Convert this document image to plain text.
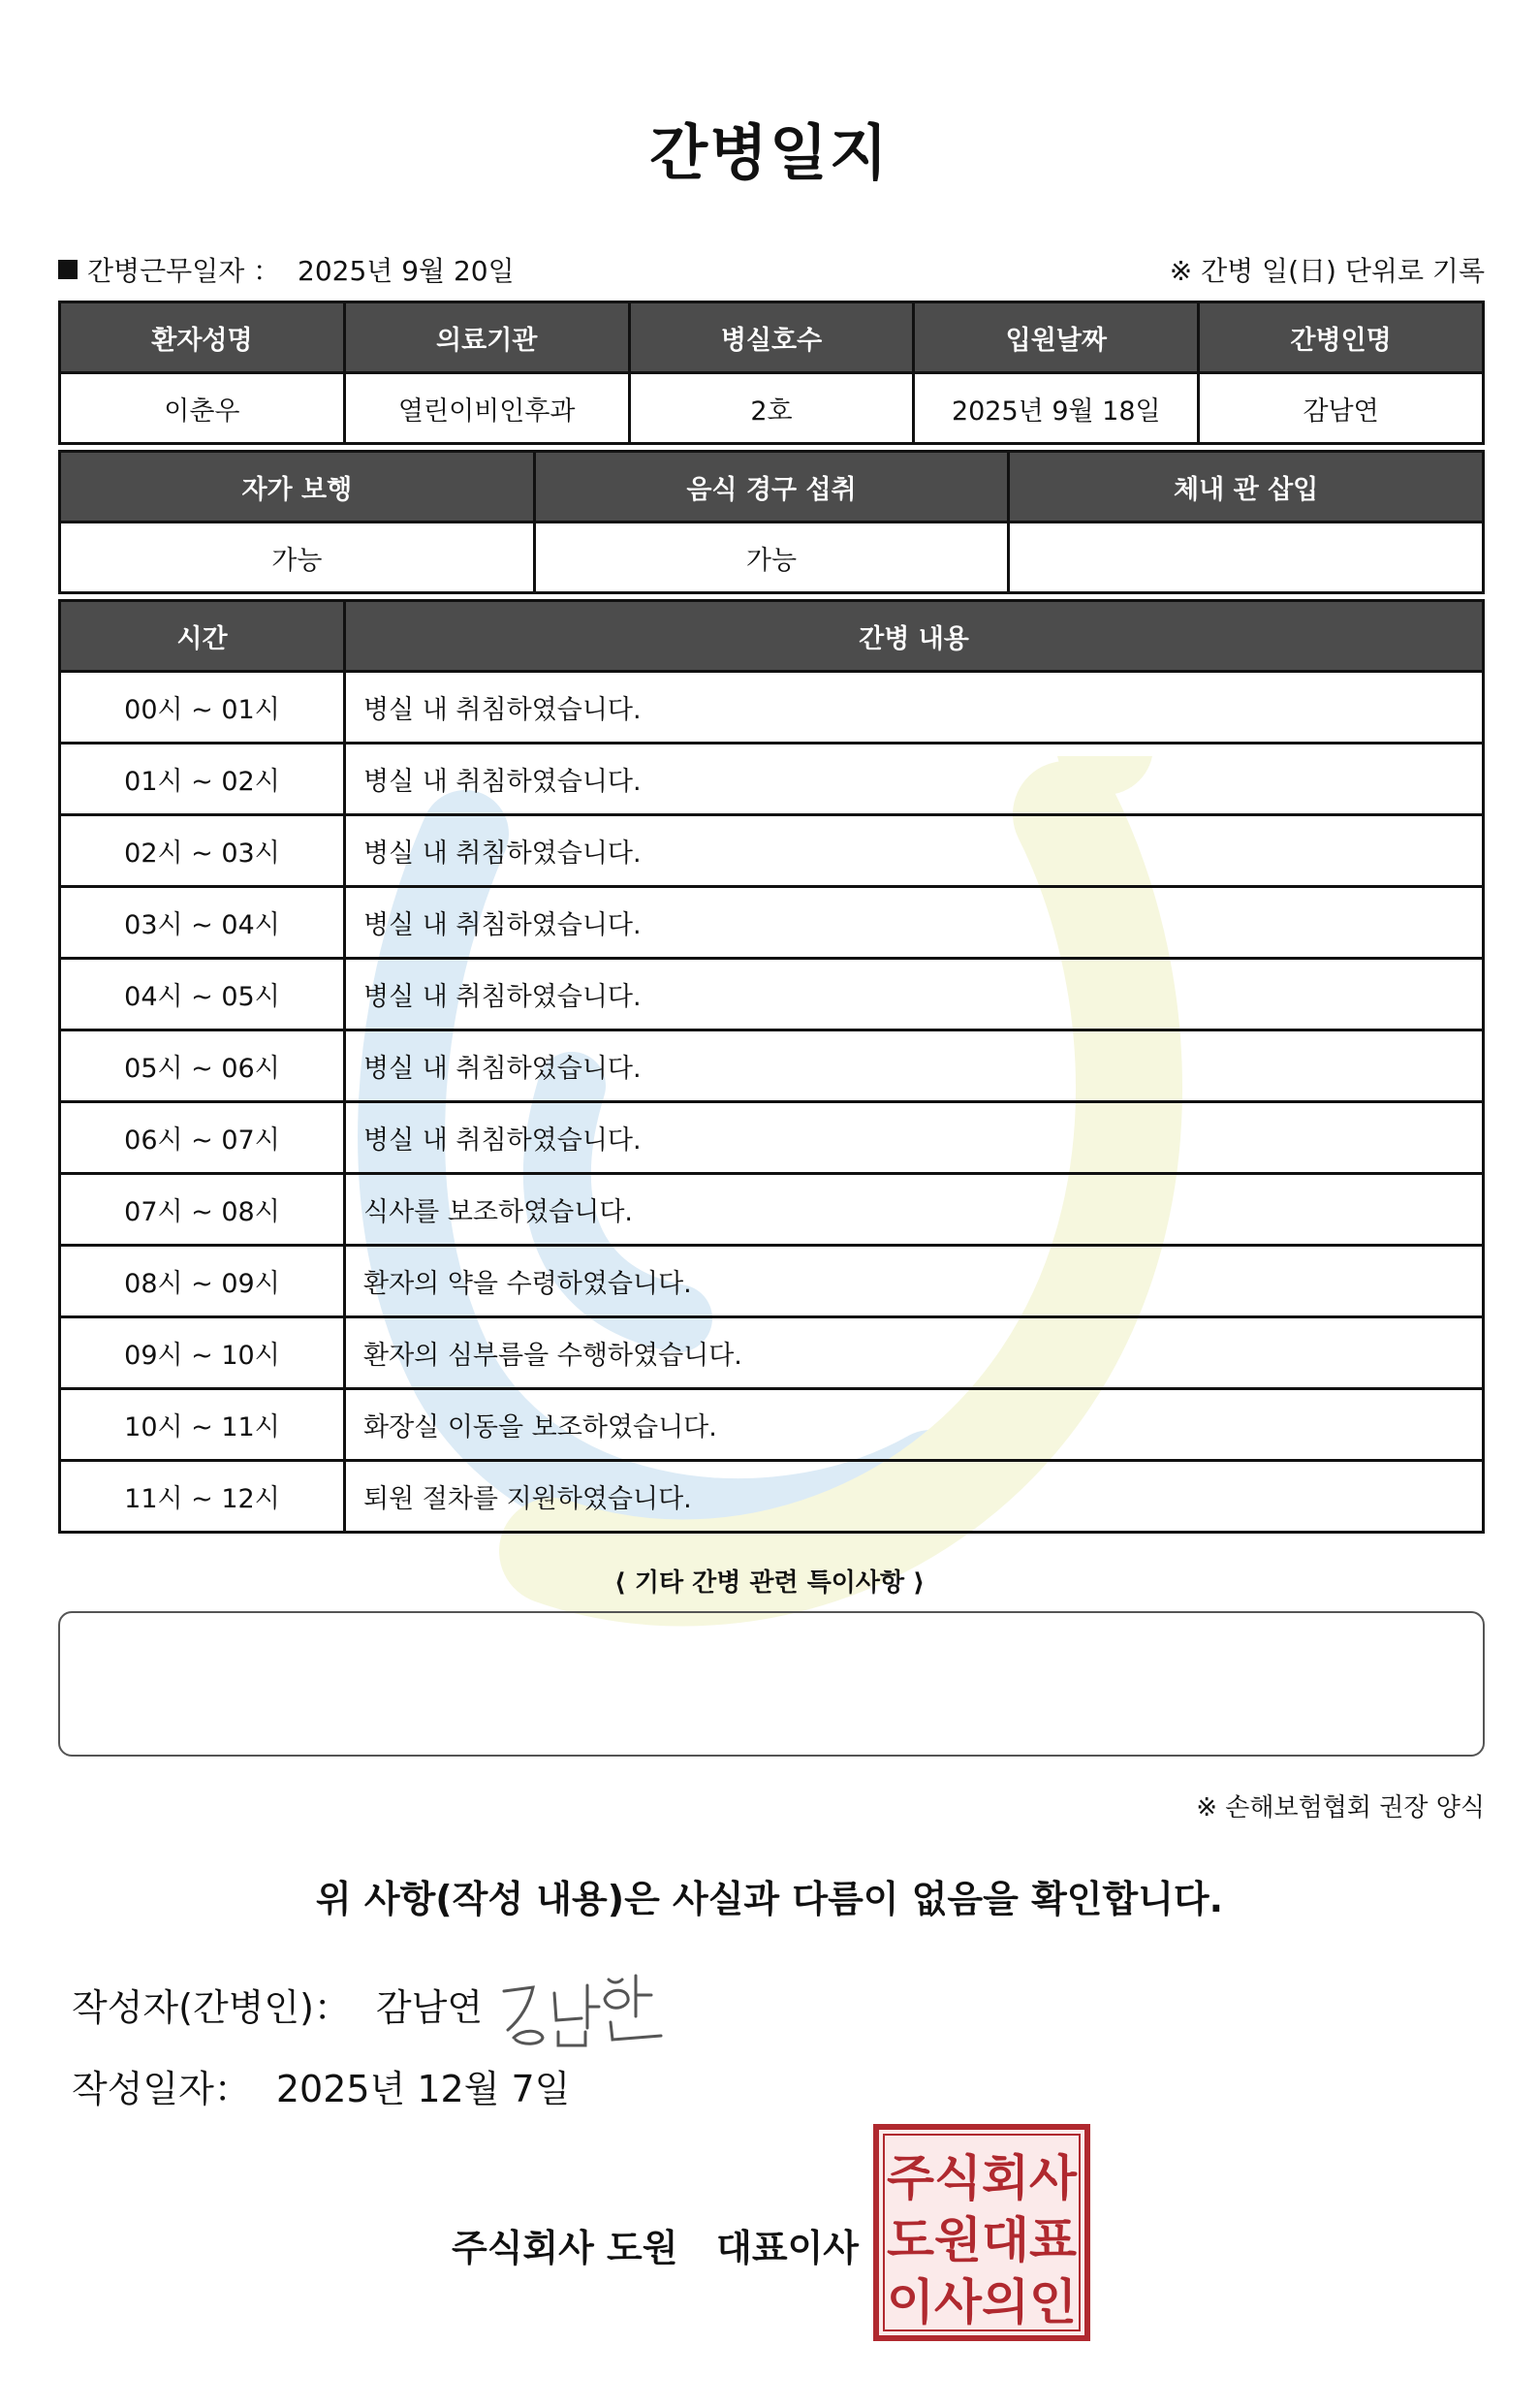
간병일지
간병근무일자 ： 2025년 9월 20일	※ 간병 일(日) 단위로 기록
환자성명	의료기관	병실호수	입원날짜	간병인명
이춘우	열린이비인후과	2호	2025년 9월 18일	감남연
자가 보행	음식 경구 섭취	체내 관 삽입
가능	가능	
시간	간병 내용
00시 ~ 01시	병실 내 취침하였습니다.
01시 ~ 02시	병실 내 취침하였습니다.
02시 ~ 03시	병실 내 취침하였습니다.
03시 ~ 04시	병실 내 취침하였습니다.
04시 ~ 05시	병실 내 취침하였습니다.
05시 ~ 06시	병실 내 취침하였습니다.
06시 ~ 07시	병실 내 취침하였습니다.
07시 ~ 08시	식사를 보조하였습니다.
08시 ~ 09시	환자의 약을 수령하였습니다.
09시 ~ 10시	환자의 심부름을 수행하였습니다.
10시 ~ 11시	화장실 이동을 보조하였습니다.
11시 ~ 12시	퇴원 절차를 지원하였습니다.
⟨ 기타 간병 관련 특이사항 ⟩
※ 손해보험협회 권장 양식
위 사항(작성 내용)은 사실과 다름이 없음을 확인합니다.
작성자(간병인)： 감남연
작성일자： 2025년 12월 7일
주식회사 도원   대표이사
주식회사
도원대표
이사의인
